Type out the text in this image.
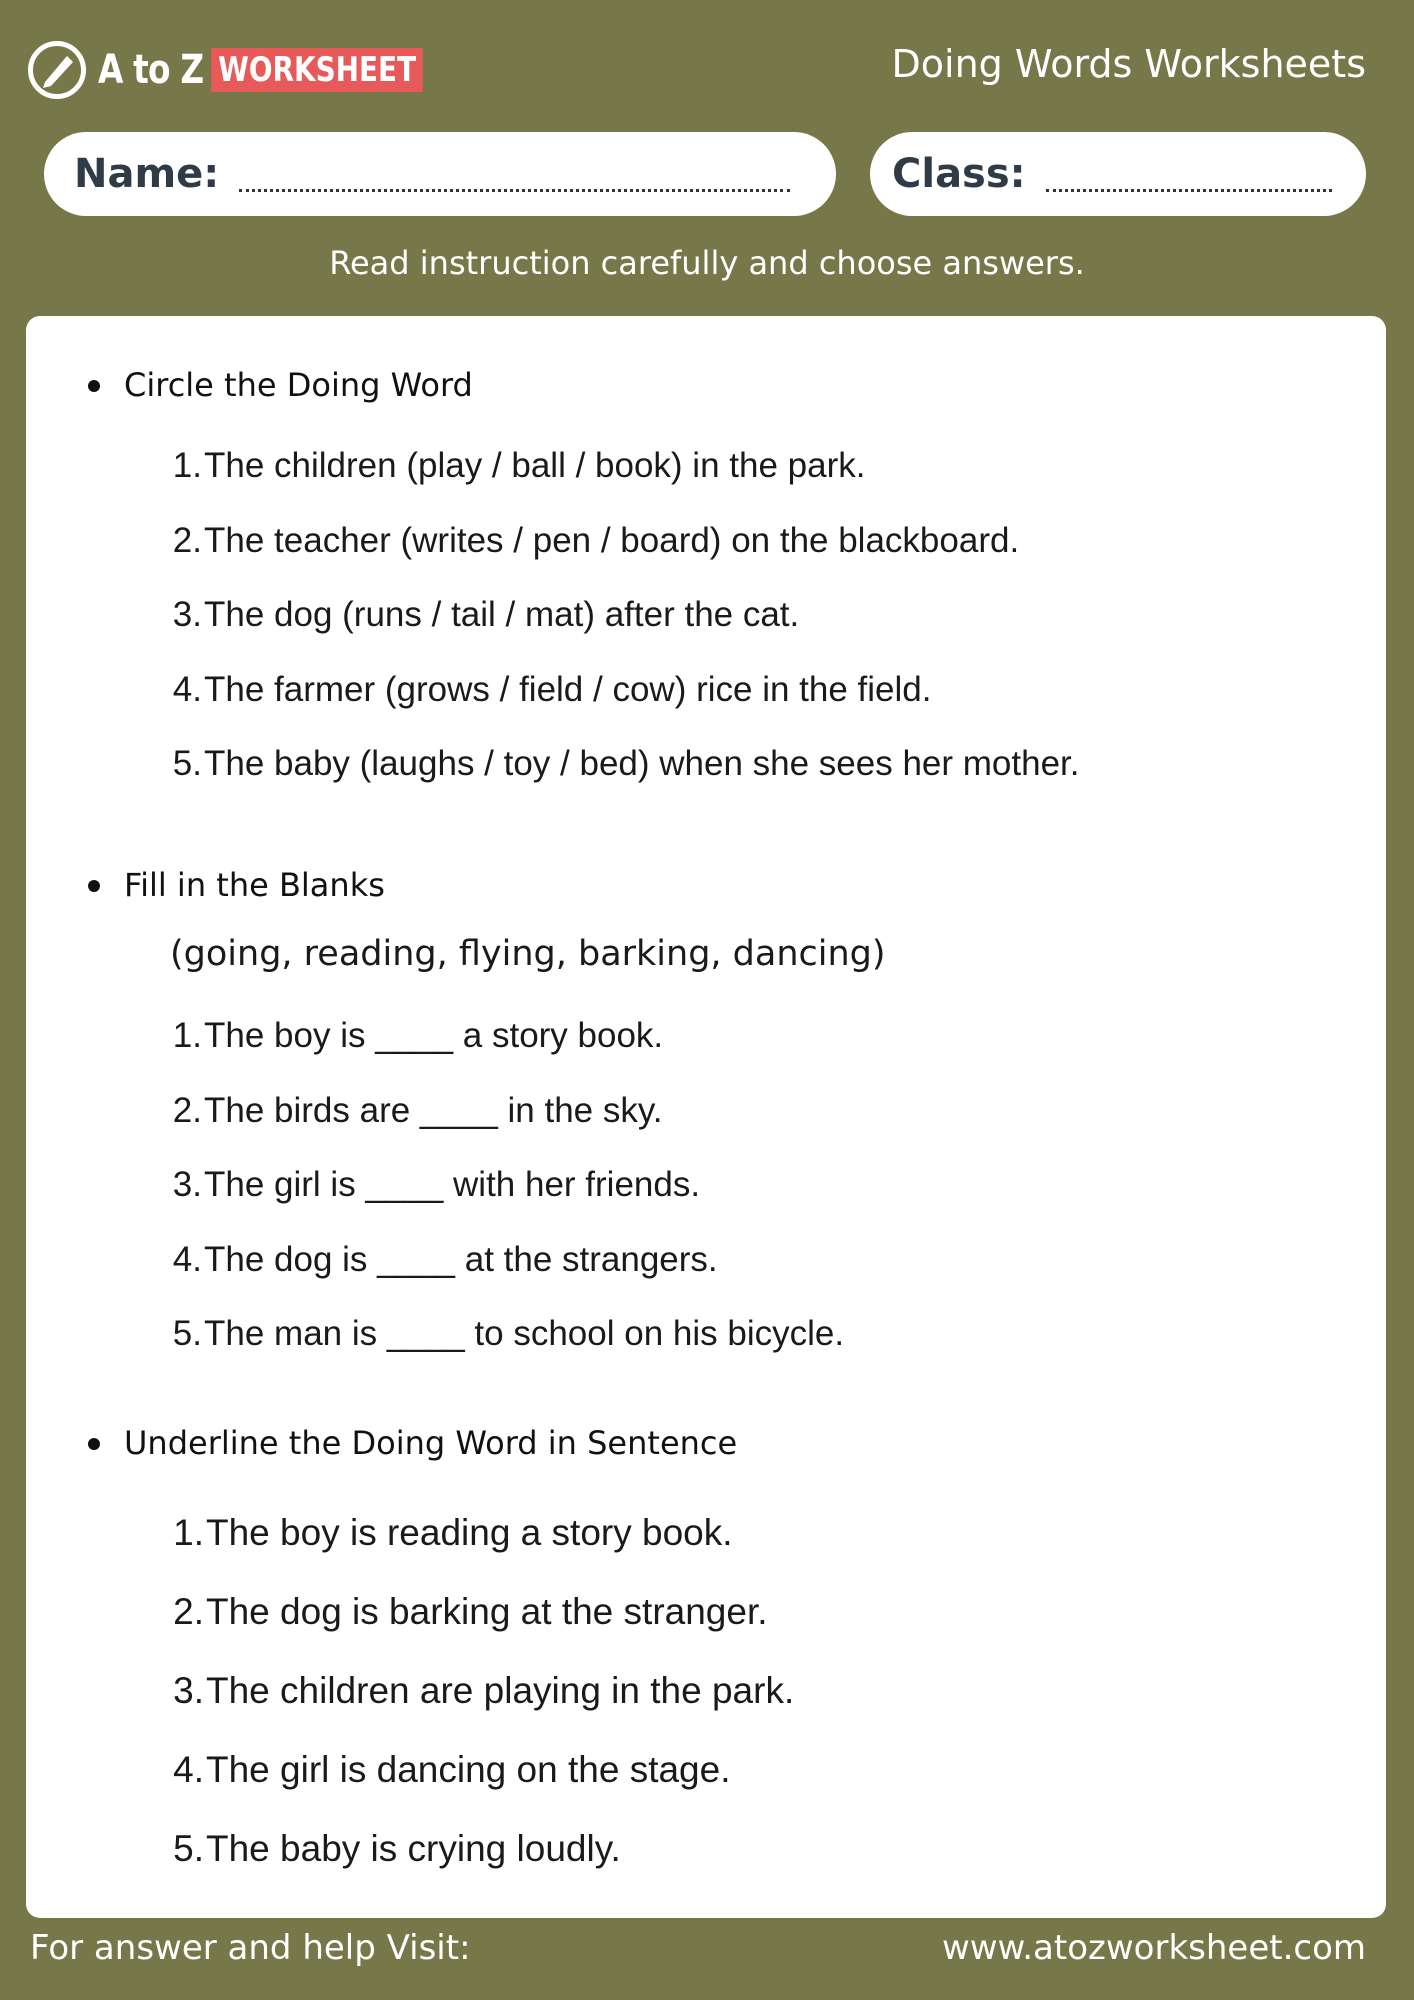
A to Z WORKSHEET	Doing Words Worksheets
Name:	Class:
Read instruction carefully and choose answers.
Circle the Doing Word
1.The children (play / ball / book) in the park.
2.The teacher (writes / pen / board) on the blackboard.
3.The dog (runs / tail / mat) after the cat.
4.The farmer (grows / field / cow) rice in the field.
5.The baby (laughs / toy / bed) when she sees her mother.
Fill in the Blanks
(going, reading, flying, barking, dancing)
1.The boy is ____ a story book.
2.The birds are ____ in the sky.
3.The girl is ____ with her friends.
4.The dog is ____ at the strangers.
5.The man is ____ to school on his bicycle.
Underline the Doing Word in Sentence
1.The boy is reading a story book.
2.The dog is barking at the stranger.
3.The children are playing in the park.
4.The girl is dancing on the stage.
5.The baby is crying loudly.
For answer and help Visit:	www.atozworksheet.com
